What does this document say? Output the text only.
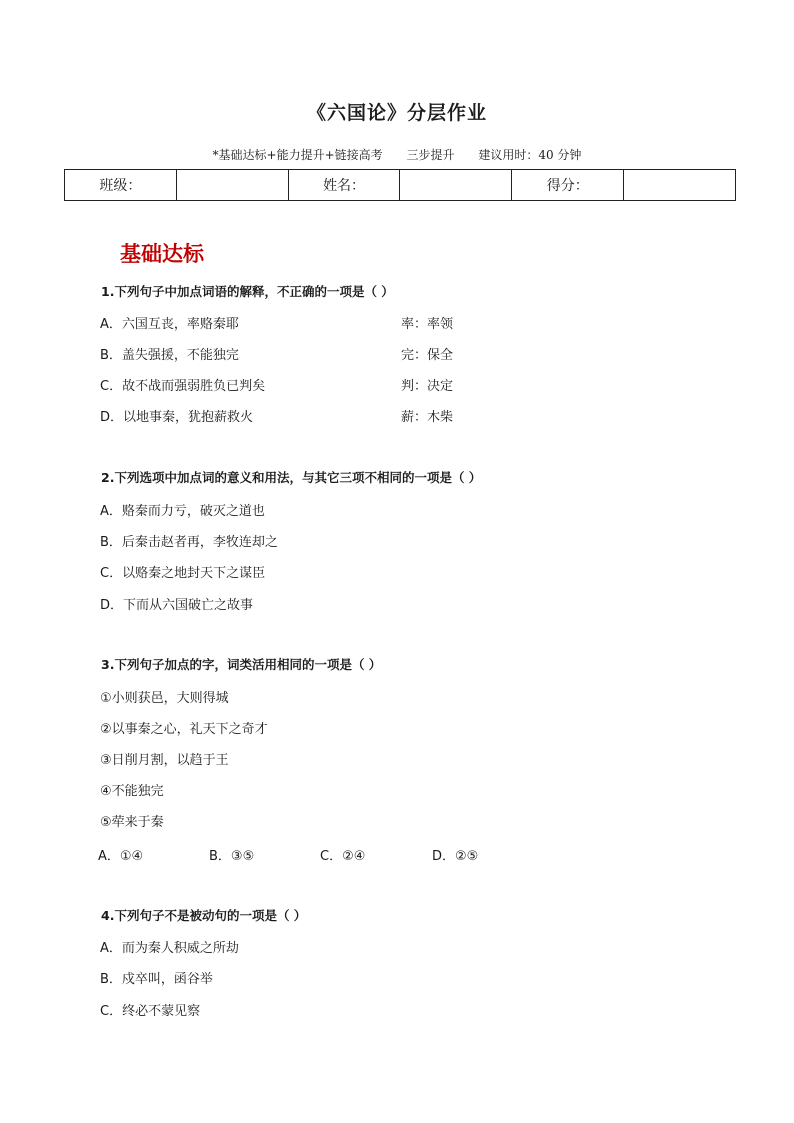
《六国论》分层作业
*基础达标+能力提升+链接高考 三步提升 建议用时：40 分钟
班级：		姓名：		得分：	
基础达标
1.下列句子中加点词语的解释，不正确的一项是（ ）
A．六国互丧，率赂秦耶	率：率领
B．盖失强援，不能独完	完：保全
C．故不战而强弱胜负已判矣	判：决定
D．以地事秦，犹抱薪救火	薪：木柴
2.下列选项中加点词的意义和用法，与其它三项不相同的一项是（ ）
A．赂秦而力亏，破灭之道也
B．后秦击赵者再，李牧连却之
C．以赂秦之地封天下之谋臣
D．下而从六国破亡之故事
3.下列句子加点的字，词类活用相同的一项是（ ）
①小则获邑，大则得城
②以事秦之心，礼天下之奇才
③日削月割，以趋于王
④不能独完
⑤荦来于秦
A．①④	B．③⑤	C．②④	D．②⑤
4.下列句子不是被动句的一项是（ ）
A．而为秦人积威之所劫
B．戍卒叫，函谷举
C．终必不蒙见察
